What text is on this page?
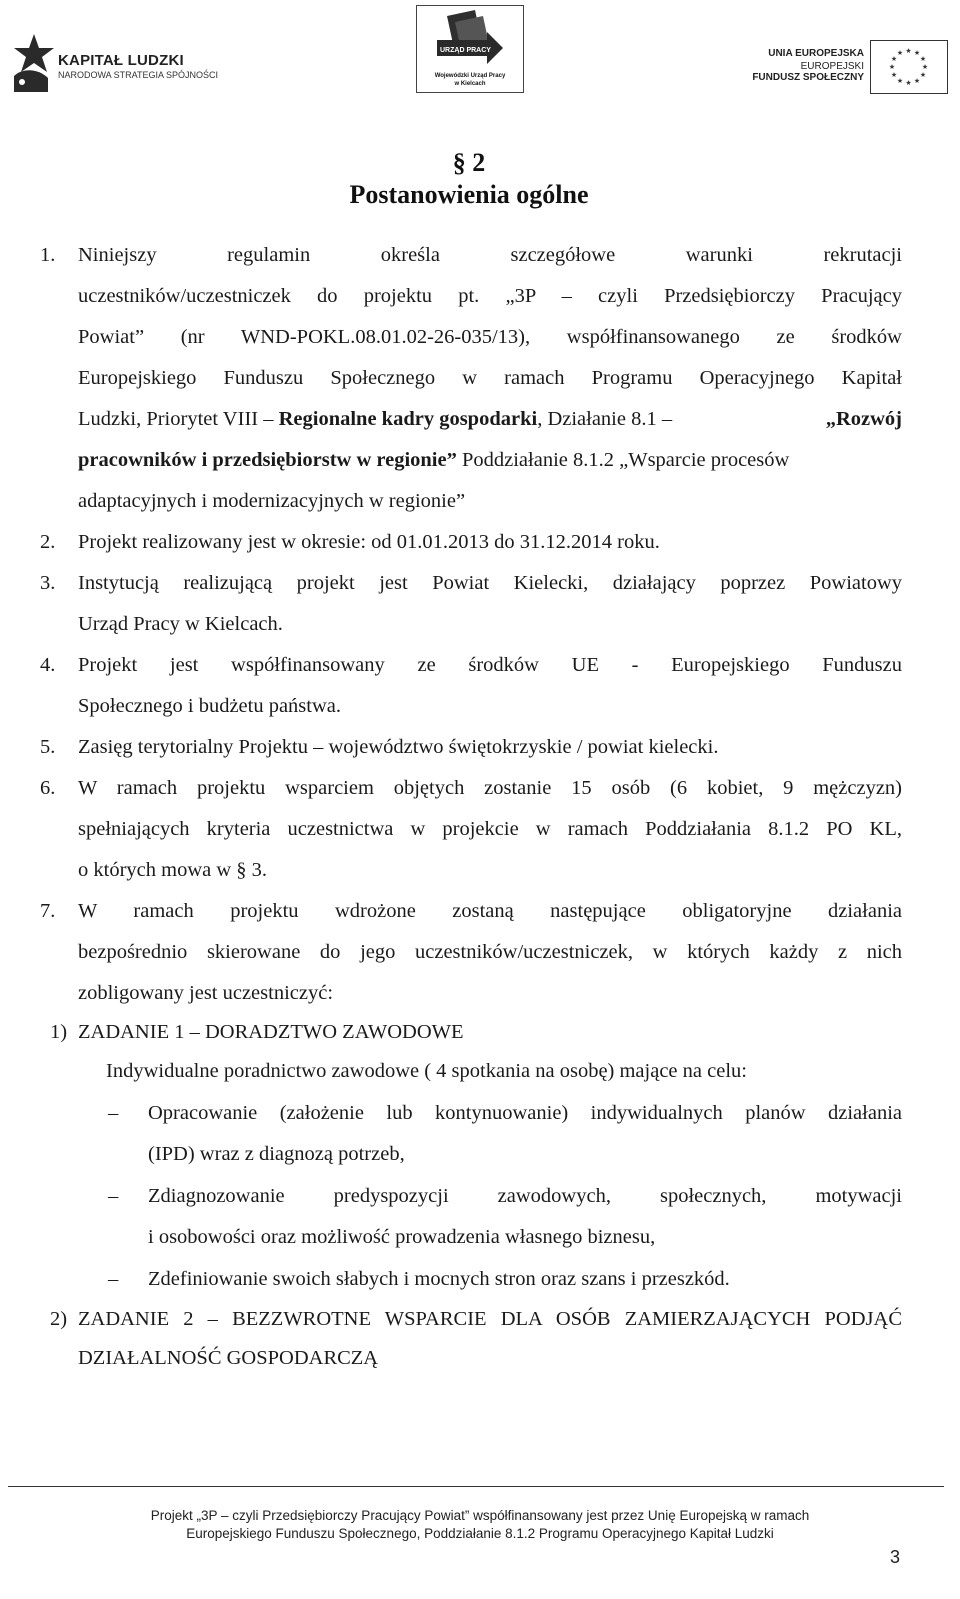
KAPITAŁ LUDZKI
NARODOWA STRATEGIA SPÓJNOŚCI
URZĄD PRACY
Wojewódzki Urząd Pracy
w Kielcach
UNIA EUROPEJSKA
EUROPEJSKI
FUNDUSZ SPOŁECZNY
★ ★
★
★
★
★
★
★
★
★
★
★
§ 2
Postanowienia ogólne
1. Niniejszy regulamin określa szczegółowe warunki rekrutacji
uczestników/uczestniczek do projektu pt. „3P – czyli Przedsiębiorczy Pracujący
Powiat” (nr WND-POKL.08.01.02-26-035/13), współfinansowanego ze środków
Europejskiego Funduszu Społecznego w ramach Programu Operacyjnego Kapitał
Ludzki, Priorytet VIII – Regionalne kadry gospodarki, Działanie 8.1 –	„Rozwój
pracowników i przedsiębiorstw w regionie” Poddziałanie 8.1.2 „Wsparcie procesów
adaptacyjnych i modernizacyjnych w regionie”
2. Projekt realizowany jest w okresie: od 01.01.2013 do 31.12.2014 roku.
3. Instytucją realizującą projekt jest Powiat Kielecki, działający poprzez Powiatowy
Urząd Pracy w Kielcach.
4. Projekt jest współfinansowany ze środków UE - Europejskiego Funduszu
Społecznego i budżetu państwa.
5. Zasięg terytorialny Projektu – województwo świętokrzyskie / powiat kielecki.
6. W ramach projektu wsparciem objętych zostanie 15 osób (6 kobiet, 9 mężczyzn)
spełniających kryteria uczestnictwa w projekcie w ramach Poddziałania 8.1.2 PO KL,
o których mowa w § 3.
7. W ramach projektu wdrożone zostaną następujące obligatoryjne działania
bezpośrednio skierowane do jego uczestników/uczestniczek, w których każdy z nich
zobligowany jest uczestniczyć:
1) ZADANIE 1 – DORADZTWO ZAWODOWE
Indywidualne poradnictwo zawodowe ( 4 spotkania na osobę) mające na celu:
– Opracowanie (założenie lub kontynuowanie) indywidualnych planów działania
(IPD) wraz z diagnozą potrzeb,
– Zdiagnozowanie predyspozycji zawodowych, społecznych, motywacji
i osobowości oraz możliwość prowadzenia własnego biznesu,
– Zdefiniowanie swoich słabych i mocnych stron oraz szans i przeszkód.
2) ZADANIE 2 – BEZZWROTNE WSPARCIE DLA OSÓB ZAMIERZAJĄCYCH PODJĄĆ
DZIAŁALNOŚĆ GOSPODARCZĄ
Projekt „3P – czyli Przedsiębiorczy Pracujący Powiat” współfinansowany jest przez Unię Europejską w ramach
Europejskiego Funduszu Społecznego, Poddziałanie 8.1.2 Programu Operacyjnego Kapitał Ludzki
3
